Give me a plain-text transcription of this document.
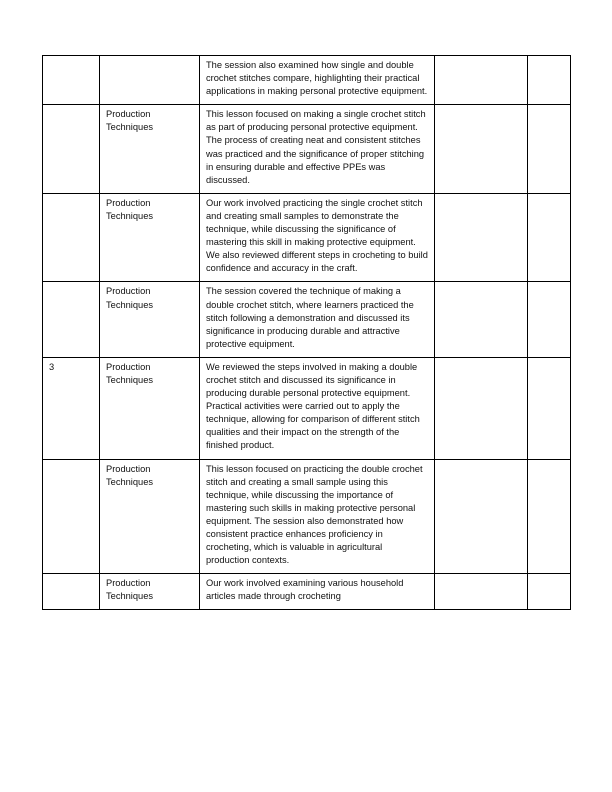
		The session also examined how single and double crochet stitches compare, highlighting their practical applications in making personal protective equipment.		
	Production Techniques	This lesson focused on making a single crochet stitch as part of producing personal protective equipment. The process of creating neat and consistent stitches was practiced and the significance of proper stitching in ensuring durable and effective PPEs was discussed.		
	Production Techniques	Our work involved practicing the single crochet stitch and creating small samples to demonstrate the technique, while discussing the significance of mastering this skill in making protective equipment. We also reviewed different steps in crocheting to build confidence and accuracy in the craft.		
	Production Techniques	The session covered the technique of making a double crochet stitch, where learners practiced the stitch following a demonstration and discussed its significance in producing durable and attractive protective equipment.		
3	Production Techniques	We reviewed the steps involved in making a double crochet stitch and discussed its significance in producing durable personal protective equipment. Practical activities were carried out to apply the technique, allowing for comparison of different stitch qualities and their impact on the strength of the finished product.		
	Production Techniques	This lesson focused on practicing the double crochet stitch and creating a small sample using this technique, while discussing the importance of mastering such skills in making protective personal equipment. The session also demonstrated how consistent practice enhances proficiency in crocheting, which is valuable in agricultural production contexts.		
	Production Techniques	Our work involved examining various household articles made through crocheting		
